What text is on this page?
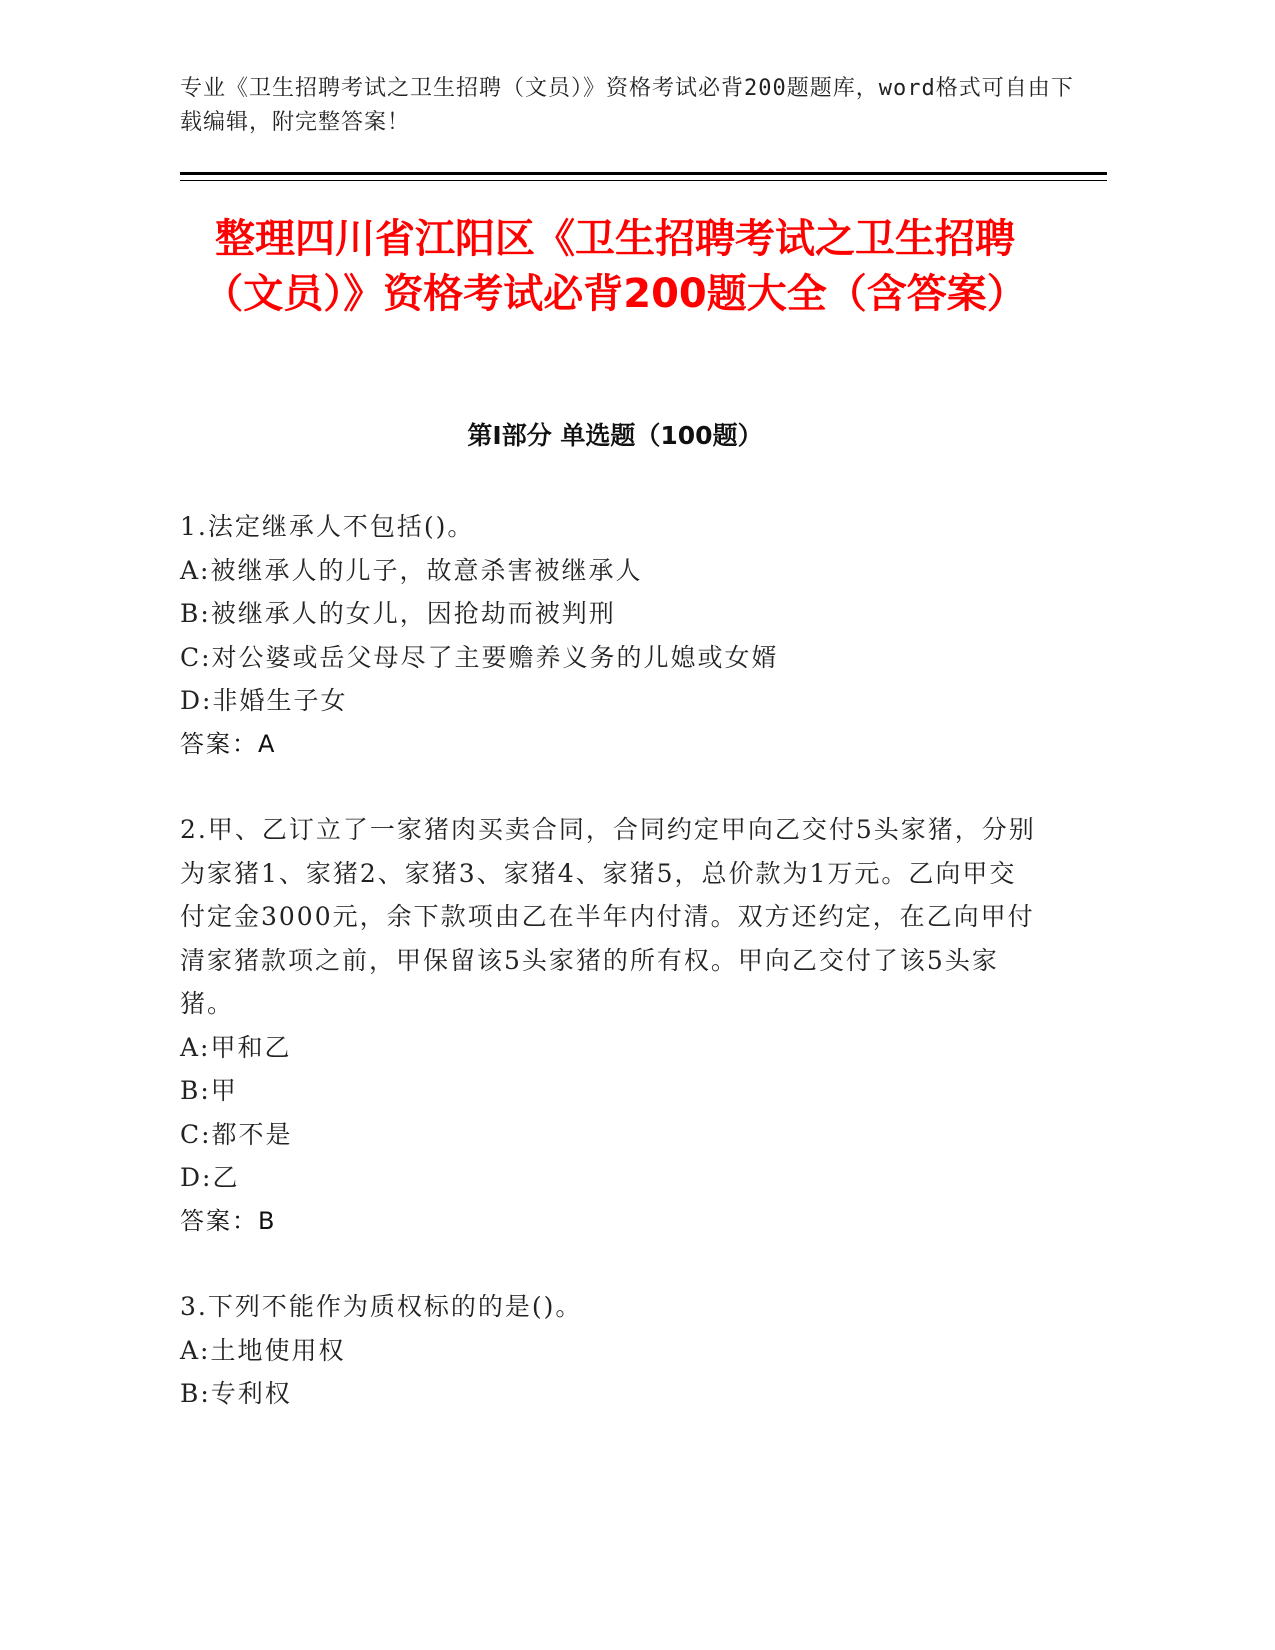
专业《卫生招聘考试之卫生招聘（文员）》资格考试必背200题题库，word格式可自由下载编辑，附完整答案！
整理四川省江阳区《卫生招聘考试之卫生招聘（文员）》资格考试必背200题大全（含答案）
第I部分 单选题（100题）

1.法定继承人不包括()。

A:被继承人的儿子，故意杀害被继承人

B:被继承人的女儿，因抢劫而被判刑

C:对公婆或岳父母尽了主要赡养义务的儿媳或女婿

D:非婚生子女

答案：A

2.甲、乙订立了一家猪肉买卖合同，合同约定甲向乙交付5头家猪，分别为家猪1、家猪2、家猪3、家猪4、家猪5，总价款为1万元。乙向甲交付定金3000元，余下款项由乙在半年内付清。双方还约定，在乙向甲付清家猪款项之前，甲保留该5头家猪的所有权。甲向乙交付了该5头家猪。

A:甲和乙

B:甲

C:都不是

D:乙

答案：B

3.下列不能作为质权标的的是()。

A:土地使用权

B:专利权
